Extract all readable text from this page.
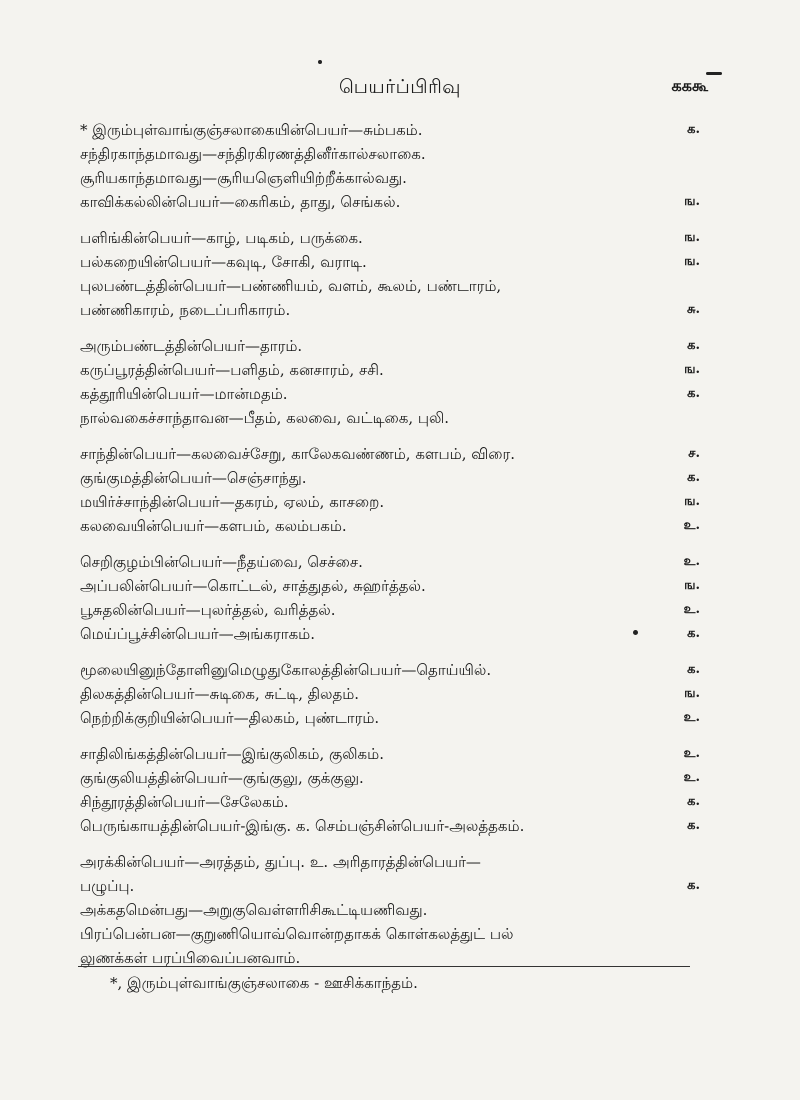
பெயர்ப்பிரிவு	கககூ
* இரும்புள்வாங்குஞ்சலாகையின்பெயர்—சும்பகம்.	க.
சந்திரகாந்தமாவது—சந்திரகிரணத்தினீர்கால்சலாகை.
சூரியகாந்தமாவது—சூரியஞெளியிற்றீக்கால்வது.
காவிக்கல்லின்பெயர்—கைரிகம், தாது, செங்கல்.	ங.
பளிங்கின்பெயர்—காழ், படிகம், பருக்கை.	ங.
பல்கறையின்பெயர்—கவுடி, சோகி, வராடி.	ங.
புலபண்டத்தின்பெயர்—பண்ணியம், வளம், கூலம், பண்டாரம்,
பண்ணிகாரம், நடைப்பரிகாரம்.	சு.
அரும்பண்டத்தின்பெயர்—தாரம்.	க.
கருப்பூரத்தின்பெயர்—பளிதம், கனசாரம், சசி.	ங.
கத்தூரியின்பெயர்—மான்மதம்.	க.
நால்வகைச்சாந்தாவன—பீதம், கலவை, வட்டிகை, புலி.
சாந்தின்பெயர்—கலவைச்சேறு, காலேகவண்ணம், களபம், விரை.	ச.
குங்குமத்தின்பெயர்—செஞ்சாந்து.	க.
மயிர்ச்சாந்தின்பெயர்—தகரம், ஏலம், காசறை.	ங.
கலவையின்பெயர்—களபம், கலம்பகம்.	உ.
செறிகுழம்பின்பெயர்—நீதய்வை, செச்சை.	உ.
அப்பலின்பெயர்—கொட்டல், சாத்துதல், சுஹர்த்தல்.	ங.
பூசுதலின்பெயர்—புலர்த்தல், வரித்தல்.	உ.
மெய்ப்பூச்சின்பெயர்—அங்கராகம்.	க.
மூலையினுந்தோளினுமெழுதுகோலத்தின்பெயர்—தொய்யில்.	க.
திலகத்தின்பெயர்—சுடிகை, சுட்டி, திலதம்.	ங.
நெற்றிக்குறியின்பெயர்—திலகம், புண்டாரம்.	உ.
சாதிலிங்கத்தின்பெயர்—இங்குலிகம், குலிகம்.	உ.
குங்குலியத்தின்பெயர்—குங்குலு, குக்குலு.	உ.
சிந்தூரத்தின்பெயர்—சேலேகம்.	க.
பெருங்காயத்தின்பெயர்-இங்கு. க. செம்பஞ்சின்பெயர்-அலத்தகம்.	க.
அரக்கின்பெயர்—அரத்தம், துப்பு. உ. அரிதாரத்தின்பெயர்—
பழுப்பு.	க.
அக்கதமென்பது—அறுகுவெள்ளரிசிகூட்டியணிவது.
பிரப்பென்பன—குறுணியொவ்வொன்றதாகக் கொள்கலத்துட் பல்
லுணக்கள் பரப்பிவைப்பனவாம்.
*, இரும்புள்வாங்குஞ்சலாகை - ஊசிக்காந்தம்.
